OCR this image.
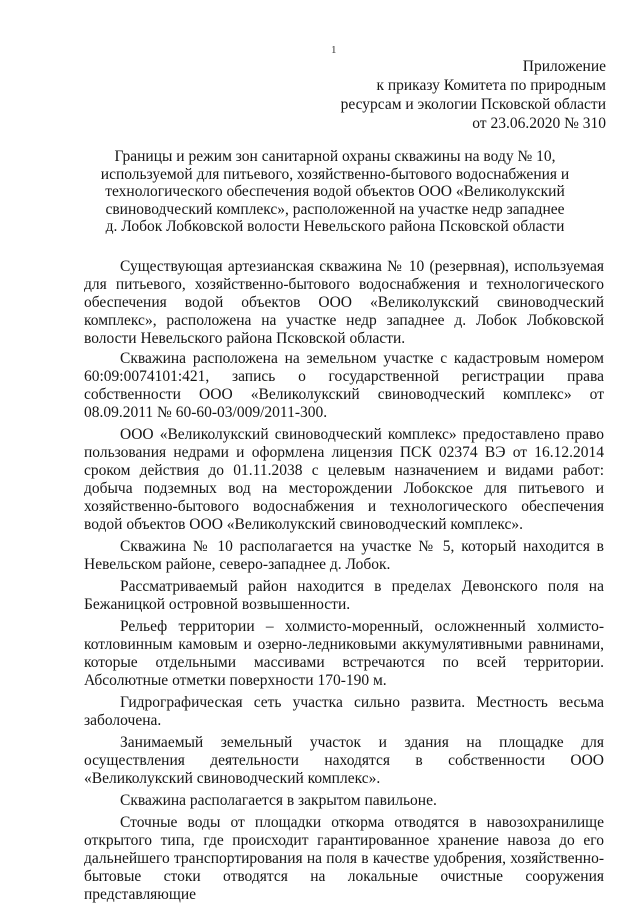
1
Приложение
к приказу Комитета по природным
ресурсам и экологии Псковской области
от 23.06.2020 № 310
Границы и режим зон санитарной охраны скважины на воду № 10, используемой для питьевого, хозяйственно-бытового водоснабжения и технологического обеспечения водой объектов ООО «Великолукский свиноводческий комплекс», расположенной на участке недр западнее д. Лобок Лобковской волости Невельского района Псковской области

Существующая артезианская скважина № 10 (резервная), используемая для питьевого, хозяйственно-бытового водоснабжения и технологического обеспечения водой объектов ООО «Великолукский свиноводческий комплекс», расположена на участке недр западнее д. Лобок Лобковской волости Невельского района Псковской области.

Скважина расположена на земельном участке с кадастровым номером 60:09:0074101:421, запись о государственной регистрации права собственности ООО «Великолукский свиноводческий комплекс» от 08.09.2011 № 60-60-03/009/2011-300.

ООО «Великолукский свиноводческий комплекс» предоставлено право пользования недрами и оформлена лицензия ПСК 02374 ВЭ от 16.12.2014 сроком действия до 01.11.2038 с целевым назначением и видами работ: добыча подземных вод на месторождении Лобокское для питьевого и хозяйственно-бытового водоснабжения и технологического обеспечения водой объектов ООО «Великолукский свиноводческий комплекс».

Скважина № 10 располагается на участке № 5, который находится в Невельском районе, северо-западнее д. Лобок.

Рассматриваемый район находится в пределах Девонского поля на Бежаницкой островной возвышенности.

Рельеф территории – холмисто-моренный, осложненный холмисто-котловинным камовым и озерно-ледниковыми аккумулятивными равнинами, которые отдельными массивами встречаются по всей территории. Абсолютные отметки поверхности 170-190 м.

Гидрографическая сеть участка сильно развита. Местность весьма заболочена.

Занимаемый земельный участок и здания на площадке для осуществления деятельности находятся в собственности ООО «Великолукский свиноводческий комплекс».

Скважина располагается в закрытом павильоне.

Сточные воды от площадки откорма отводятся в навозохранилище открытого типа, где происходит гарантированное хранение навоза до его дальнейшего транспортирования на поля в качестве удобрения, хозяйственно-бытовые стоки отводятся на локальные очистные сооружения представляющие
